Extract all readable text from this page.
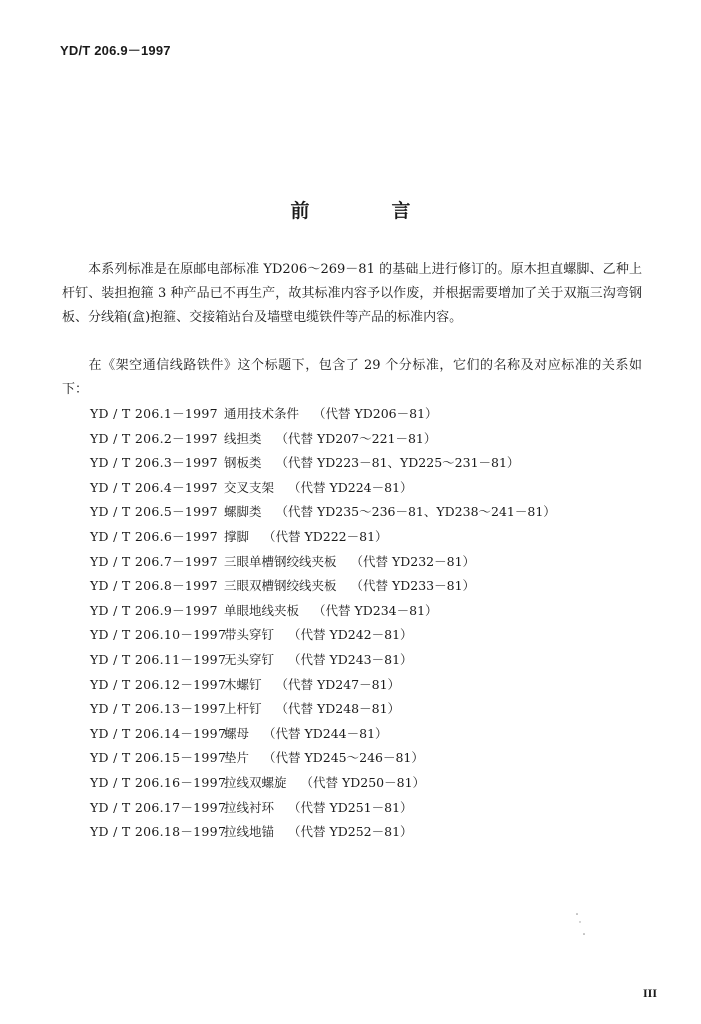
YD/T 206.9－1997
前	言
本系列标准是在原邮电部标准 YD206～269－81 的基础上进行修订的。原木担直螺脚、乙种上杆钉、装担抱箍 3 种产品已不再生产，故其标准内容予以作废，并根据需要增加了关于双瓶三沟弯钢板、分线箱(盒)抱箍、交接箱站台及墙壁电缆铁件等产品的标准内容。
在《架空通信线路铁件》这个标题下，包含了 29 个分标准，它们的名称及对应标准的关系如下：
YD / T 206.1－1997 通用技术条件 （代替 YD206－81）
YD / T 206.2－1997 线担类 （代替 YD207～221－81）
YD / T 206.3－1997 钢板类 （代替 YD223－81、YD225～231－81）
YD / T 206.4－1997 交叉支架 （代替 YD224－81）
YD / T 206.5－1997 螺脚类 （代替 YD235～236－81、YD238～241－81）
YD / T 206.6－1997 撑脚 （代替 YD222－81）
YD / T 206.7－1997 三眼单槽钢绞线夹板 （代替 YD232－81）
YD / T 206.8－1997 三眼双槽钢绞线夹板 （代替 YD233－81）
YD / T 206.9－1997 单眼地线夹板 （代替 YD234－81）
YD / T 206.10－1997
带头穿钉 （代替 YD242－81）
YD / T 206.11－1997
无头穿钉 （代替 YD243－81）
YD / T 206.12－1997
木螺钉 （代替 YD247－81）
YD / T 206.13－1997
上杆钉 （代替 YD248－81）
YD / T 206.14－1997
螺母 （代替 YD244－81）
YD / T 206.15－1997
垫片 （代替 YD245～246－81）
YD / T 206.16－1997
拉线双螺旋 （代替 YD250－81）
YD / T 206.17－1997
拉线衬环 （代替 YD251－81）
YD / T 206.18－1997
拉线地锚 （代替 YD252－81）
III
